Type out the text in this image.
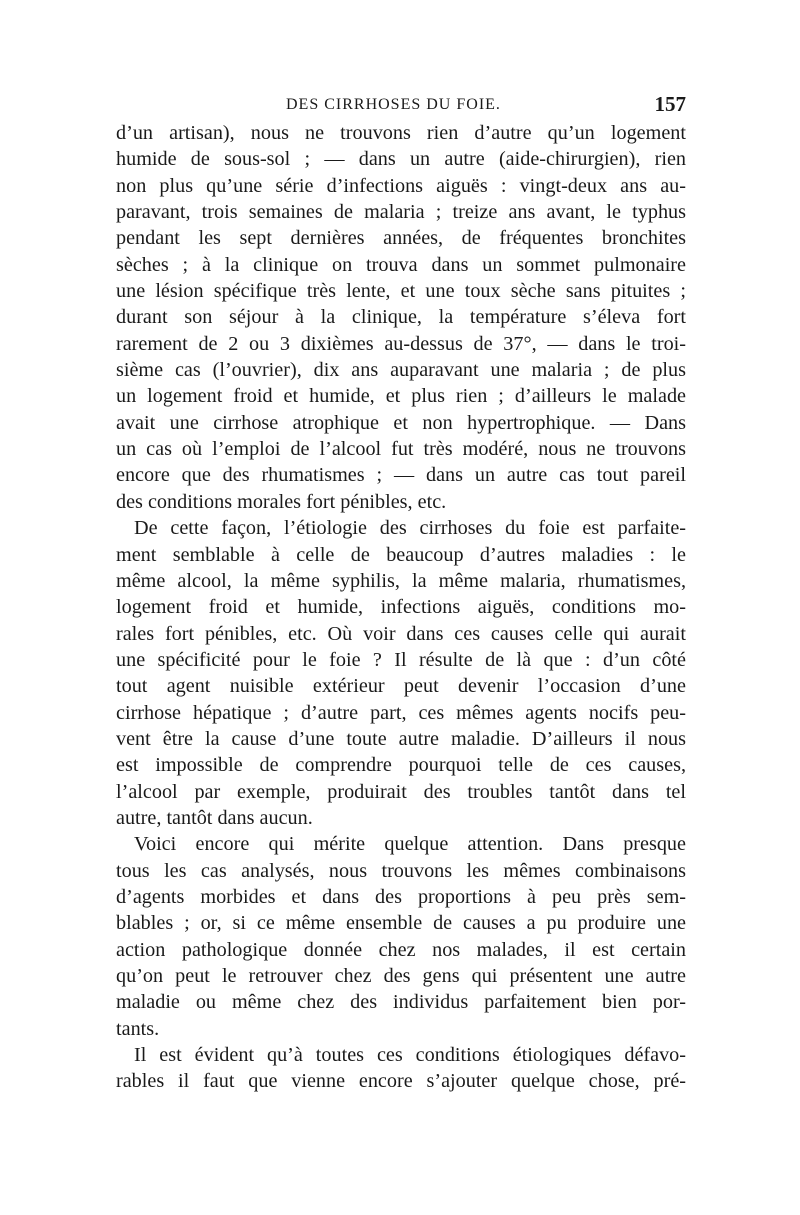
DES CIRRHOSES DU FOIE.	157
d’un artisan), nous ne trouvons rien d’autre qu’un logement
humide de sous-sol ; — dans un autre (aide-chirurgien), rien
non plus qu’une série d’infections aiguës : vingt-deux ans au-
paravant, trois semaines de malaria ; treize ans avant, le typhus
pendant les sept dernières années, de fréquentes bronchites
sèches ; à la clinique on trouva dans un sommet pulmonaire
une lésion spécifique très lente, et une toux sèche sans pituites ;
durant son séjour à la clinique, la température s’éleva fort
rarement de 2 ou 3 dixièmes au-dessus de 37°, — dans le troi-
sième cas (l’ouvrier), dix ans auparavant une malaria ; de plus
un logement froid et humide, et plus rien ; d’ailleurs le malade
avait une cirrhose atrophique et non hypertrophique. — Dans
un cas où l’emploi de l’alcool fut très modéré, nous ne trouvons
encore que des rhumatismes ; — dans un autre cas tout pareil
des conditions morales fort pénibles, etc.
De cette façon, l’étiologie des cirrhoses du foie est parfaite-
ment semblable à celle de beaucoup d’autres maladies : le
même alcool, la même syphilis, la même malaria, rhumatismes,
logement froid et humide, infections aiguës, conditions mo-
rales fort pénibles, etc. Où voir dans ces causes celle qui aurait
une spécificité pour le foie ? Il résulte de là que : d’un côté
tout agent nuisible extérieur peut devenir l’occasion d’une
cirrhose hépatique ; d’autre part, ces mêmes agents nocifs peu-
vent être la cause d’une toute autre maladie. D’ailleurs il nous
est impossible de comprendre pourquoi telle de ces causes,
l’alcool par exemple, produirait des troubles tantôt dans tel
autre, tantôt dans aucun.
Voici encore qui mérite quelque attention. Dans presque
tous les cas analysés, nous trouvons les mêmes combinaisons
d’agents morbides et dans des proportions à peu près sem-
blables ; or, si ce même ensemble de causes a pu produire une
action pathologique donnée chez nos malades, il est certain
qu’on peut le retrouver chez des gens qui présentent une autre
maladie ou même chez des individus parfaitement bien por-
tants.
Il est évident qu’à toutes ces conditions étiologiques défavo-
rables il faut que vienne encore s’ajouter quelque chose, pré-
